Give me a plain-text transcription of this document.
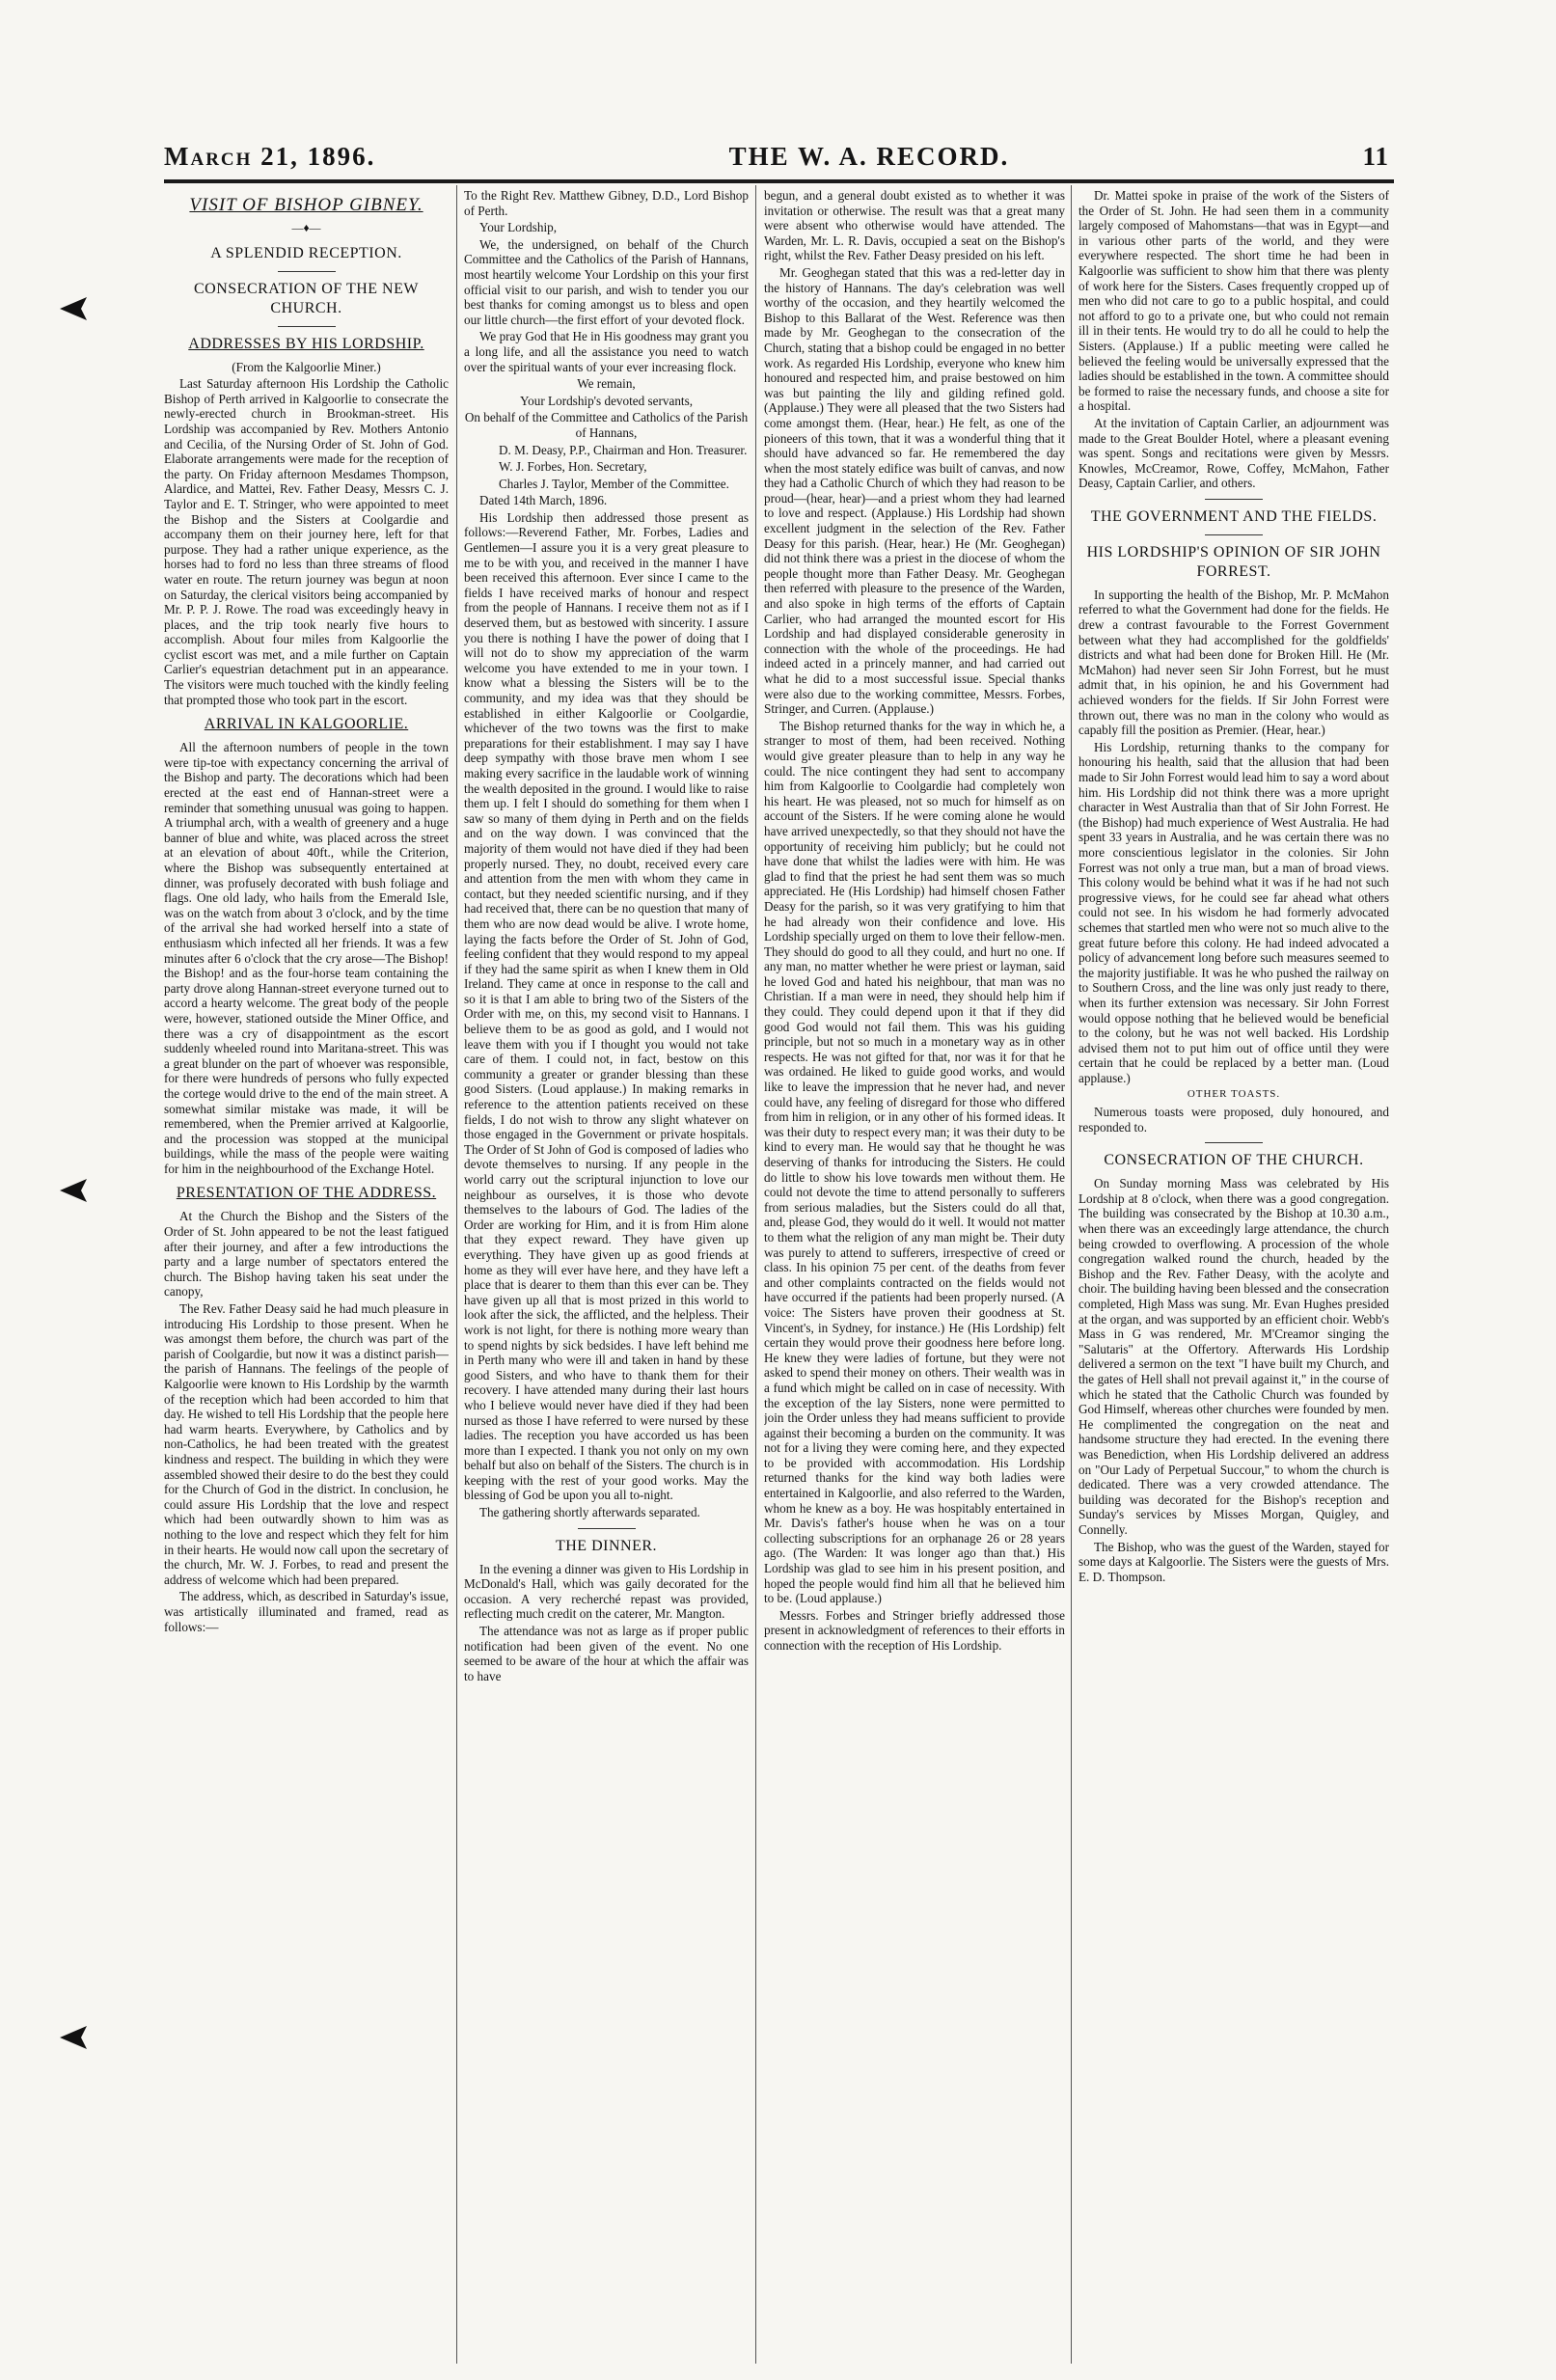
March 21, 1896.	THE W. A. RECORD.	11
VISIT OF BISHOP GIBNEY.
—♦—
A SPLENDID RECEPTION.
CONSECRATION OF THE NEW CHURCH.
ADDRESSES BY HIS LORDSHIP.

(From the Kalgoorlie Miner.)

Last Saturday afternoon His Lordship the Catholic Bishop of Perth arrived in Kalgoorlie to consecrate the newly-erected church in Brookman-street. His Lordship was accompanied by Rev. Mothers Antonio and Cecilia, of the Nursing Order of St. John of God. Elaborate arrangements were made for the reception of the party. On Friday afternoon Mesdames Thompson, Alardice, and Mattei, Rev. Father Deasy, Messrs C. J. Taylor and E. T. Stringer, who were appointed to meet the Bishop and the Sisters at Coolgardie and accompany them on their journey here, left for that purpose. They had a rather unique experience, as the horses had to ford no less than three streams of flood water en route. The return journey was begun at noon on Saturday, the clerical visitors being accompanied by Mr. P. P. J. Rowe. The road was exceedingly heavy in places, and the trip took nearly five hours to accomplish. About four miles from Kalgoorlie the cyclist escort was met, and a mile further on Captain Carlier's equestrian detachment put in an appearance. The visitors were much touched with the kindly feeling that prompted those who took part in the escort.

ARRIVAL IN KALGOORLIE.

All the afternoon numbers of people in the town were tip-toe with expectancy concerning the arrival of the Bishop and party. The decorations which had been erected at the east end of Hannan-street were a reminder that something unusual was going to happen. A triumphal arch, with a wealth of greenery and a huge banner of blue and white, was placed across the street at an elevation of about 40ft., while the Criterion, where the Bishop was subsequently entertained at dinner, was profusely decorated with bush foliage and flags. One old lady, who hails from the Emerald Isle, was on the watch from about 3 o'clock, and by the time of the arrival she had worked herself into a state of enthusiasm which infected all her friends. It was a few minutes after 6 o'clock that the cry arose—The Bishop! the Bishop! and as the four-horse team containing the party drove along Hannan-street everyone turned out to accord a hearty welcome. The great body of the people were, however, stationed outside the Miner Office, and there was a cry of disappointment as the escort suddenly wheeled round into Maritana-street. This was a great blunder on the part of whoever was responsible, for there were hundreds of persons who fully expected the cortege would drive to the end of the main street. A somewhat similar mistake was made, it will be remembered, when the Premier arrived at Kalgoorlie, and the procession was stopped at the municipal buildings, while the mass of the people were waiting for him in the neighbourhood of the Exchange Hotel.

PRESENTATION OF THE ADDRESS.

At the Church the Bishop and the Sisters of the Order of St. John appeared to be not the least fatigued after their journey, and after a few introductions the party and a large number of spectators entered the church. The Bishop having taken his seat under the canopy,

The Rev. Father Deasy said he had much pleasure in introducing His Lordship to those present. When he was amongst them before, the church was part of the parish of Coolgardie, but now it was a distinct parish—the parish of Hannans. The feelings of the people of Kalgoorlie were known to His Lordship by the warmth of the reception which had been accorded to him that day. He wished to tell His Lordship that the people here had warm hearts. Everywhere, by Catholics and by non-Catholics, he had been treated with the greatest kindness and respect. The building in which they were assembled showed their desire to do the best they could for the Church of God in the district. In conclusion, he could assure His Lordship that the love and respect which had been outwardly shown to him was as nothing to the love and respect which they felt for him in their hearts. He would now call upon the secretary of the church, Mr. W. J. Forbes, to read and present the address of welcome which had been prepared.

The address, which, as described in Saturday's issue, was artistically illuminated and framed, read as follows:—

To the Right Rev. Matthew Gibney, D.D., Lord Bishop of Perth.

Your Lordship,

We, the undersigned, on behalf of the Church Committee and the Catholics of the Parish of Hannans, most heartily welcome Your Lordship on this your first official visit to our parish, and wish to tender you our best thanks for coming amongst us to bless and open our little church—the first effort of your devoted flock.

We pray God that He in His goodness may grant you a long life, and all the assistance you need to watch over the spiritual wants of your ever increasing flock.

We remain,

Your Lordship's devoted servants,

On behalf of the Committee and Catholics of the Parish of Hannans,

D. M. Deasy, P.P., Chairman and Hon. Treasurer.

W. J. Forbes, Hon. Secretary,

Charles J. Taylor, Member of the Committee.

Dated 14th March, 1896.

His Lordship then addressed those present as follows:—Reverend Father, Mr. Forbes, Ladies and Gentlemen—I assure you it is a very great pleasure to me to be with you, and received in the manner I have been received this afternoon. Ever since I came to the fields I have received marks of honour and respect from the people of Hannans. I receive them not as if I deserved them, but as bestowed with sincerity. I assure you there is nothing I have the power of doing that I will not do to show my appreciation of the warm welcome you have extended to me in your town. I know what a blessing the Sisters will be to the community, and my idea was that they should be established in either Kalgoorlie or Coolgardie, whichever of the two towns was the first to make preparations for their establishment. I may say I have deep sympathy with those brave men whom I see making every sacrifice in the laudable work of winning the wealth deposited in the ground. I would like to raise them up. I felt I should do something for them when I saw so many of them dying in Perth and on the fields and on the way down. I was convinced that the majority of them would not have died if they had been properly nursed. They, no doubt, received every care and attention from the men with whom they came in contact, but they needed scientific nursing, and if they had received that, there can be no question that many of them who are now dead would be alive. I wrote home, laying the facts before the Order of St. John of God, feeling confident that they would respond to my appeal if they had the same spirit as when I knew them in Old Ireland. They came at once in response to the call and so it is that I am able to bring two of the Sisters of the Order with me, on this, my second visit to Hannans. I believe them to be as good as gold, and I would not leave them with you if I thought you would not take care of them. I could not, in fact, bestow on this community a greater or grander blessing than these good Sisters. (Loud applause.) In making remarks in reference to the attention patients received on these fields, I do not wish to throw any slight whatever on those engaged in the Government or private hospitals. The Order of St John of God is composed of ladies who devote themselves to nursing. If any people in the world carry out the scriptural injunction to love our neighbour as ourselves, it is those who devote themselves to the labours of God. The ladies of the Order are working for Him, and it is from Him alone that they expect reward. They have given up everything. They have given up as good friends at home as they will ever have here, and they have left a place that is dearer to them than this ever can be. They have given up all that is most prized in this world to look after the sick, the afflicted, and the helpless. Their work is not light, for there is nothing more weary than to spend nights by sick bedsides. I have left behind me in Perth many who were ill and taken in hand by these good Sisters, and who have to thank them for their recovery. I have attended many during their last hours who I believe would never have died if they had been nursed as those I have referred to were nursed by these ladies. The reception you have accorded us has been more than I expected. I thank you not only on my own behalf but also on behalf of the Sisters. The church is in keeping with the rest of your good works. May the blessing of God be upon you all to-night.

The gathering shortly afterwards separated.

THE DINNER.

In the evening a dinner was given to His Lordship in McDonald's Hall, which was gaily decorated for the occasion. A very recherché repast was provided, reflecting much credit on the caterer, Mr. Mangton.

The attendance was not as large as if proper public notification had been given of the event. No one seemed to be aware of the hour at which the affair was to have

begun, and a general doubt existed as to whether it was invitation or otherwise. The result was that a great many were absent who otherwise would have attended. The Warden, Mr. L. R. Davis, occupied a seat on the Bishop's right, whilst the Rev. Father Deasy presided on his left.

Mr. Geoghegan stated that this was a red-letter day in the history of Hannans. The day's celebration was well worthy of the occasion, and they heartily welcomed the Bishop to this Ballarat of the West. Reference was then made by Mr. Geoghegan to the consecration of the Church, stating that a bishop could be engaged in no better work. As regarded His Lordship, everyone who knew him honoured and respected him, and praise bestowed on him was but painting the lily and gilding refined gold. (Applause.) They were all pleased that the two Sisters had come amongst them. (Hear, hear.) He felt, as one of the pioneers of this town, that it was a wonderful thing that it should have advanced so far. He remembered the day when the most stately edifice was built of canvas, and now they had a Catholic Church of which they had reason to be proud—(hear, hear)—and a priest whom they had learned to love and respect. (Applause.) His Lordship had shown excellent judgment in the selection of the Rev. Father Deasy for this parish. (Hear, hear.) He (Mr. Geoghegan) did not think there was a priest in the diocese of whom the people thought more than Father Deasy. Mr. Geoghegan then referred with pleasure to the presence of the Warden, and also spoke in high terms of the efforts of Captain Carlier, who had arranged the mounted escort for His Lordship and had displayed considerable generosity in connection with the whole of the proceedings. He had indeed acted in a princely manner, and had carried out what he did to a most successful issue. Special thanks were also due to the working committee, Messrs. Forbes, Stringer, and Curren. (Applause.)

The Bishop returned thanks for the way in which he, a stranger to most of them, had been received. Nothing would give greater pleasure than to help in any way he could. The nice contingent they had sent to accompany him from Kalgoorlie to Coolgardie had completely won his heart. He was pleased, not so much for himself as on account of the Sisters. If he were coming alone he would have arrived unexpectedly, so that they should not have the opportunity of receiving him publicly; but he could not have done that whilst the ladies were with him. He was glad to find that the priest he had sent them was so much appreciated. He (His Lordship) had himself chosen Father Deasy for the parish, so it was very gratifying to him that he had already won their confidence and love. His Lordship specially urged on them to love their fellow-men. They should do good to all they could, and hurt no one. If any man, no matter whether he were priest or layman, said he loved God and hated his neighbour, that man was no Christian. If a man were in need, they should help him if they could. They could depend upon it that if they did good God would not fail them. This was his guiding principle, but not so much in a monetary way as in other respects. He was not gifted for that, nor was it for that he was ordained. He liked to guide good works, and would like to leave the impression that he never had, and never could have, any feeling of disregard for those who differed from him in religion, or in any other of his formed ideas. It was their duty to respect every man; it was their duty to be kind to every man. He would say that he thought he was deserving of thanks for introducing the Sisters. He could do little to show his love towards men without them. He could not devote the time to attend personally to sufferers from serious maladies, but the Sisters could do all that, and, please God, they would do it well. It would not matter to them what the religion of any man might be. Their duty was purely to attend to sufferers, irrespective of creed or class. In his opinion 75 per cent. of the deaths from fever and other complaints contracted on the fields would not have occurred if the patients had been properly nursed. (A voice: The Sisters have proven their goodness at St. Vincent's, in Sydney, for instance.) He (His Lordship) felt certain they would prove their goodness here before long. He knew they were ladies of fortune, but they were not asked to spend their money on others. Their wealth was in a fund which might be called on in case of necessity. With the exception of the lay Sisters, none were permitted to join the Order unless they had means sufficient to provide against their becoming a burden on the community. It was not for a living they were coming here, and they expected to be provided with accommodation. His Lordship returned thanks for the kind way both ladies were entertained in Kalgoorlie, and also referred to the Warden, whom he knew as a boy. He was hospitably entertained in Mr. Davis's father's house when he was on a tour collecting subscriptions for an orphanage 26 or 28 years ago. (The Warden: It was longer ago than that.) His Lordship was glad to see him in his present position, and hoped the people would find him all that he believed him to be. (Loud applause.)

Messrs. Forbes and Stringer briefly addressed those present in acknowledgment of references to their efforts in connection with the reception of His Lordship.

Dr. Mattei spoke in praise of the work of the Sisters of the Order of St. John. He had seen them in a community largely composed of Mahomstans—that was in Egypt—and in various other parts of the world, and they were everywhere respected. The short time he had been in Kalgoorlie was sufficient to show him that there was plenty of work here for the Sisters. Cases frequently cropped up of men who did not care to go to a public hospital, and could not afford to go to a private one, but who could not remain ill in their tents. He would try to do all he could to help the Sisters. (Applause.) If a public meeting were called he believed the feeling would be universally expressed that the ladies should be established in the town. A committee should be formed to raise the necessary funds, and choose a site for a hospital.

At the invitation of Captain Carlier, an adjournment was made to the Great Boulder Hotel, where a pleasant evening was spent. Songs and recitations were given by Messrs. Knowles, McCreamor, Rowe, Coffey, McMahon, Father Deasy, Captain Carlier, and others.

THE GOVERNMENT AND THE FIELDS.
HIS LORDSHIP'S OPINION OF SIR JOHN FORREST.

In supporting the health of the Bishop, Mr. P. McMahon referred to what the Government had done for the fields. He drew a contrast favourable to the Forrest Government between what they had accomplished for the goldfields' districts and what had been done for Broken Hill. He (Mr. McMahon) had never seen Sir John Forrest, but he must admit that, in his opinion, he and his Government had achieved wonders for the fields. If Sir John Forrest were thrown out, there was no man in the colony who would as capably fill the position as Premier. (Hear, hear.)

His Lordship, returning thanks to the company for honouring his health, said that the allusion that had been made to Sir John Forrest would lead him to say a word about him. His Lordship did not think there was a more upright character in West Australia than that of Sir John Forrest. He (the Bishop) had much experience of West Australia. He had spent 33 years in Australia, and he was certain there was no more conscientious legislator in the colonies. Sir John Forrest was not only a true man, but a man of broad views. This colony would be behind what it was if he had not such progressive views, for he could see far ahead what others could not see. In his wisdom he had formerly advocated schemes that startled men who were not so much alive to the great future before this colony. He had indeed advocated a policy of advancement long before such measures seemed to the majority justifiable. It was he who pushed the railway on to Southern Cross, and the line was only just ready to there, when its further extension was necessary. Sir John Forrest would oppose nothing that he believed would be beneficial to the colony, but he was not well backed. His Lordship advised them not to put him out of office until they were certain that he could be replaced by a better man. (Loud applause.)

OTHER TOASTS.

Numerous toasts were proposed, duly honoured, and responded to.

CONSECRATION OF THE CHURCH.

On Sunday morning Mass was celebrated by His Lordship at 8 o'clock, when there was a good congregation. The building was consecrated by the Bishop at 10.30 a.m., when there was an exceedingly large attendance, the church being crowded to overflowing. A procession of the whole congregation walked round the church, headed by the Bishop and the Rev. Father Deasy, with the acolyte and choir. The building having been blessed and the consecration completed, High Mass was sung. Mr. Evan Hughes presided at the organ, and was supported by an efficient choir. Webb's Mass in G was rendered, Mr. M'Creamor singing the "Salutaris" at the Offertory. Afterwards His Lordship delivered a sermon on the text "I have built my Church, and the gates of Hell shall not prevail against it," in the course of which he stated that the Catholic Church was founded by God Himself, whereas other churches were founded by men. He complimented the congregation on the neat and handsome structure they had erected. In the evening there was Benediction, when His Lordship delivered an address on "Our Lady of Perpetual Succour," to whom the church is dedicated. There was a very crowded attendance. The building was decorated for the Bishop's reception and Sunday's services by Misses Morgan, Quigley, and Connelly.

The Bishop, who was the guest of the Warden, stayed for some days at Kalgoorlie. The Sisters were the guests of Mrs. E. D. Thompson.
